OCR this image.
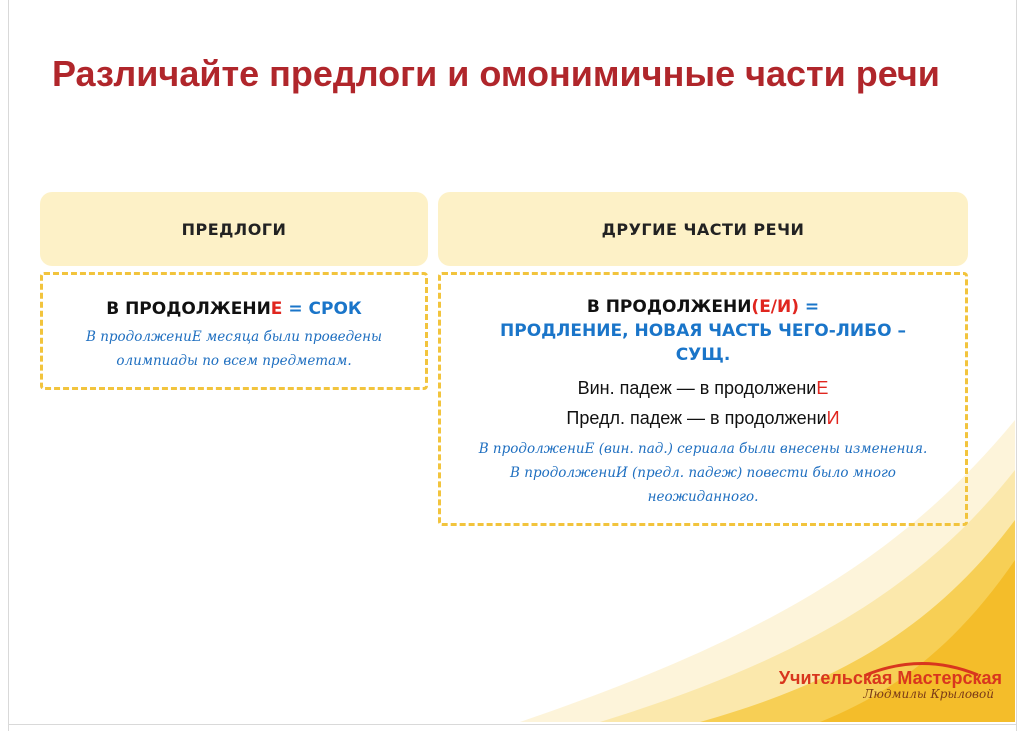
Различайте предлоги и омонимичные части речи
ПРЕДЛОГИ
В ПРОДОЛЖЕНИЕ = СРОК
В продолжениЕ месяца были проведены
олимпиады по всем предметам.
ДРУГИЕ ЧАСТИ РЕЧИ
В ПРОДОЛЖЕНИ(Е/И) =
ПРОДЛЕНИЕ, НОВАЯ ЧАСТЬ ЧЕГО-ЛИБО –
СУЩ.
Вин. падеж — в продолжениЕ
Предл. падеж — в продолжениИ
В продолжениЕ (вин. пад.) сериала были внесены изменения.
В продолжениИ (предл. падеж) повести было много
неожиданного.
Учительская Мастерская
Людмилы Крыловой
